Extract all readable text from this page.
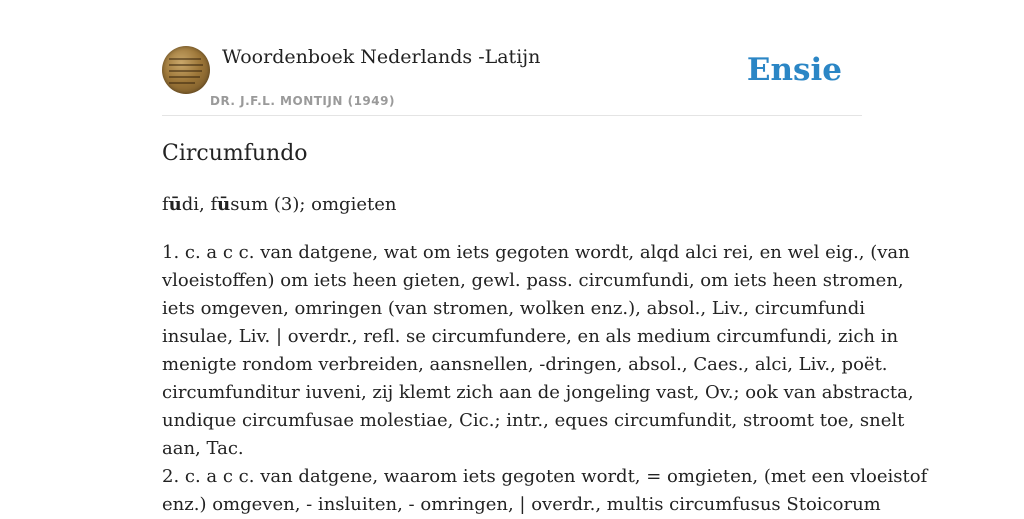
Woordenboek Nederlands -Latijn
DR. J.F.L. MONTIJN (1949)
Ensie
Circumfundo
fūdi, fūsum (3); omgieten
1. c. a c c. van datgene, wat om iets gegoten wordt, alqd alci rei, en wel eig., (van
vloeistoffen) om iets heen gieten, gewl. pass. circumfundi, om iets heen stromen,
iets omgeven, omringen (van stromen, wolken enz.), absol., Liv., circumfundi
insulae, Liv. | overdr., refl. se circumfundere, en als medium circumfundi, zich in
menigte rondom verbreiden, aansnellen, -dringen, absol., Caes., alci, Liv., poët.
circumfunditur iuveni, zij klemt zich aan de jongeling vast, Ov.; ook van abstracta,
undique circumfusae molestiae, Cic.; intr., eques circumfundit, stroomt toe, snelt
aan, Tac.
2. c. a c c. van datgene, waarom iets gegoten wordt, = omgieten, (met een vloeistof
enz.) omgeven, - insluiten, - omringen, | overdr., multis circumfusus Stoicorum
